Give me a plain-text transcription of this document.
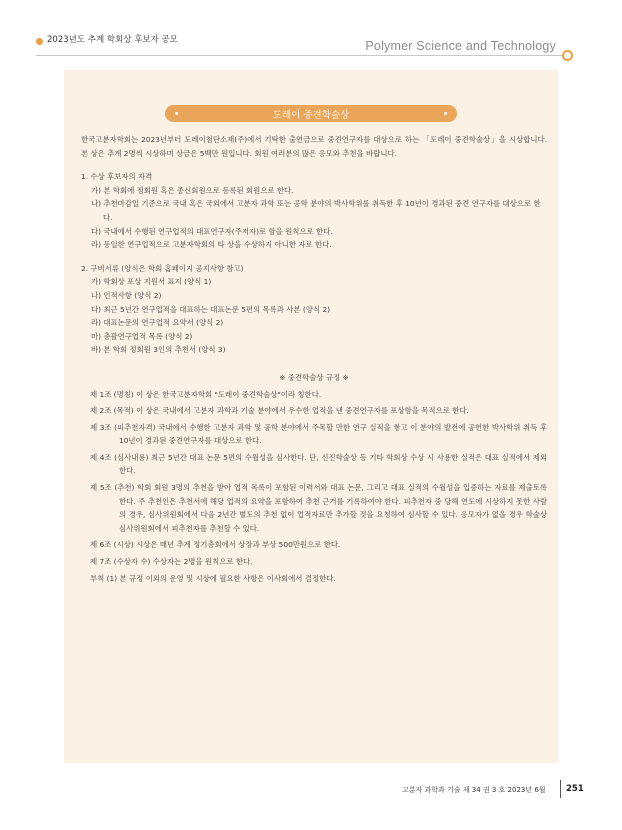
2023년도 추계 학회상 후보자 공모	Polymer Science and Technology
도레이 중견학술상

한국고분자학회는 2023년부터 도레이첨단소재(주)에서 기탁한 출연금으로 중견연구자를 대상으로 하는 「도레이 중견학술상」을 시상합니다. 본 상은 추계 2명씩 시상하며 상금은 5백만 원입니다. 회원 여러분의 많은 응모와 추천을 바랍니다.

1. 수상 후보자의 자격

가) 본 학회에 정회원 혹은 종신회원으로 등록된 회원으로 한다.

나) 추천마감일 기준으로 국내 혹은 국외에서 고분자 과학 또는 공학 분야의 박사학위를 취득한 후 10년이 경과된 중견 연구자를 대상으로 한다.

다) 국내에서 수행된 연구업적의 대표연구자(주저자)로 함을 원칙으로 한다.

라) 동일한 연구업적으로 고분자학회의 타 상을 수상하지 아니한 자로 한다.

2. 구비서류 (양식은 학회 홈페이지 공지사항 참고)

가) 학회상 포상 지원서 표지 (양식 1)

나) 인적사항 (양식 2)

다) 최근 5년간 연구업적을 대표하는 대표논문 5편의 목록과 사본 (양식 2)

라) 대표논문의 연구업적 요약서 (양식 2)

마) 총괄연구업적 목록 (양식 2)

바) 본 학회 정회원 3인의 추천서 (양식 3)

※ 중견학술상 규정 ※

제 1조 (명칭) 이 상은 한국고분자학회 "도레이 중견학술상"이라 칭한다.

제 2조 (목적) 이 상은 국내에서 고분자 과학과 기술 분야에서 우수한 업적을 낸 중견연구자를 포상함을 목적으로 한다.

제 3조 (피추천자격) 국내에서 수행한 고분자 과학 및 공학 분야에서 주목할 만한 연구 실적을 쌓고 이 분야의 발전에 공헌한 박사학위 취득 후 10년이 경과된 중견연구자를 대상으로 한다.

제 4조 (심사내용) 최근 5년간 대표 논문 5편의 수월성을 심사한다. 단, 신진학술상 등 기타 학회상 수상 시 사용한 실적은 대표 실적에서 제외한다.

제 5조 (추천) 학회 회원 3명의 추천을 받아 업적 목록이 포함된 이력서와 대표 논문, 그리고 대표 실적의 수월성을 입증하는 자료를 제출토록 한다. 주 추천인은 추천서에 해당 업적의 요약을 포함하여 추천 근거를 기록하여야 한다. 피추천자 중 당해 연도에 시상하지 못한 사람의 경우, 심사위원회에서 다음 2년간 별도의 추천 없이 업적자료만 추가할 것을 요청하여 심사할 수 있다. 응모자가 없을 경우 학술상 심사위원회에서 피추천자를 추천할 수 있다.

제 6조 (시상) 시상은 매년 추계 정기총회에서 상장과 부상 500만원으로 한다.

제 7조 (수상자 수) 수상자는 2명을 원칙으로 한다.

부칙 (1) 본 규정 이외의 운영 및 시상에 필요한 사항은 이사회에서 결정한다.

고분자 과학과 기술 제 34 권 3 호 2023년 6월 251
